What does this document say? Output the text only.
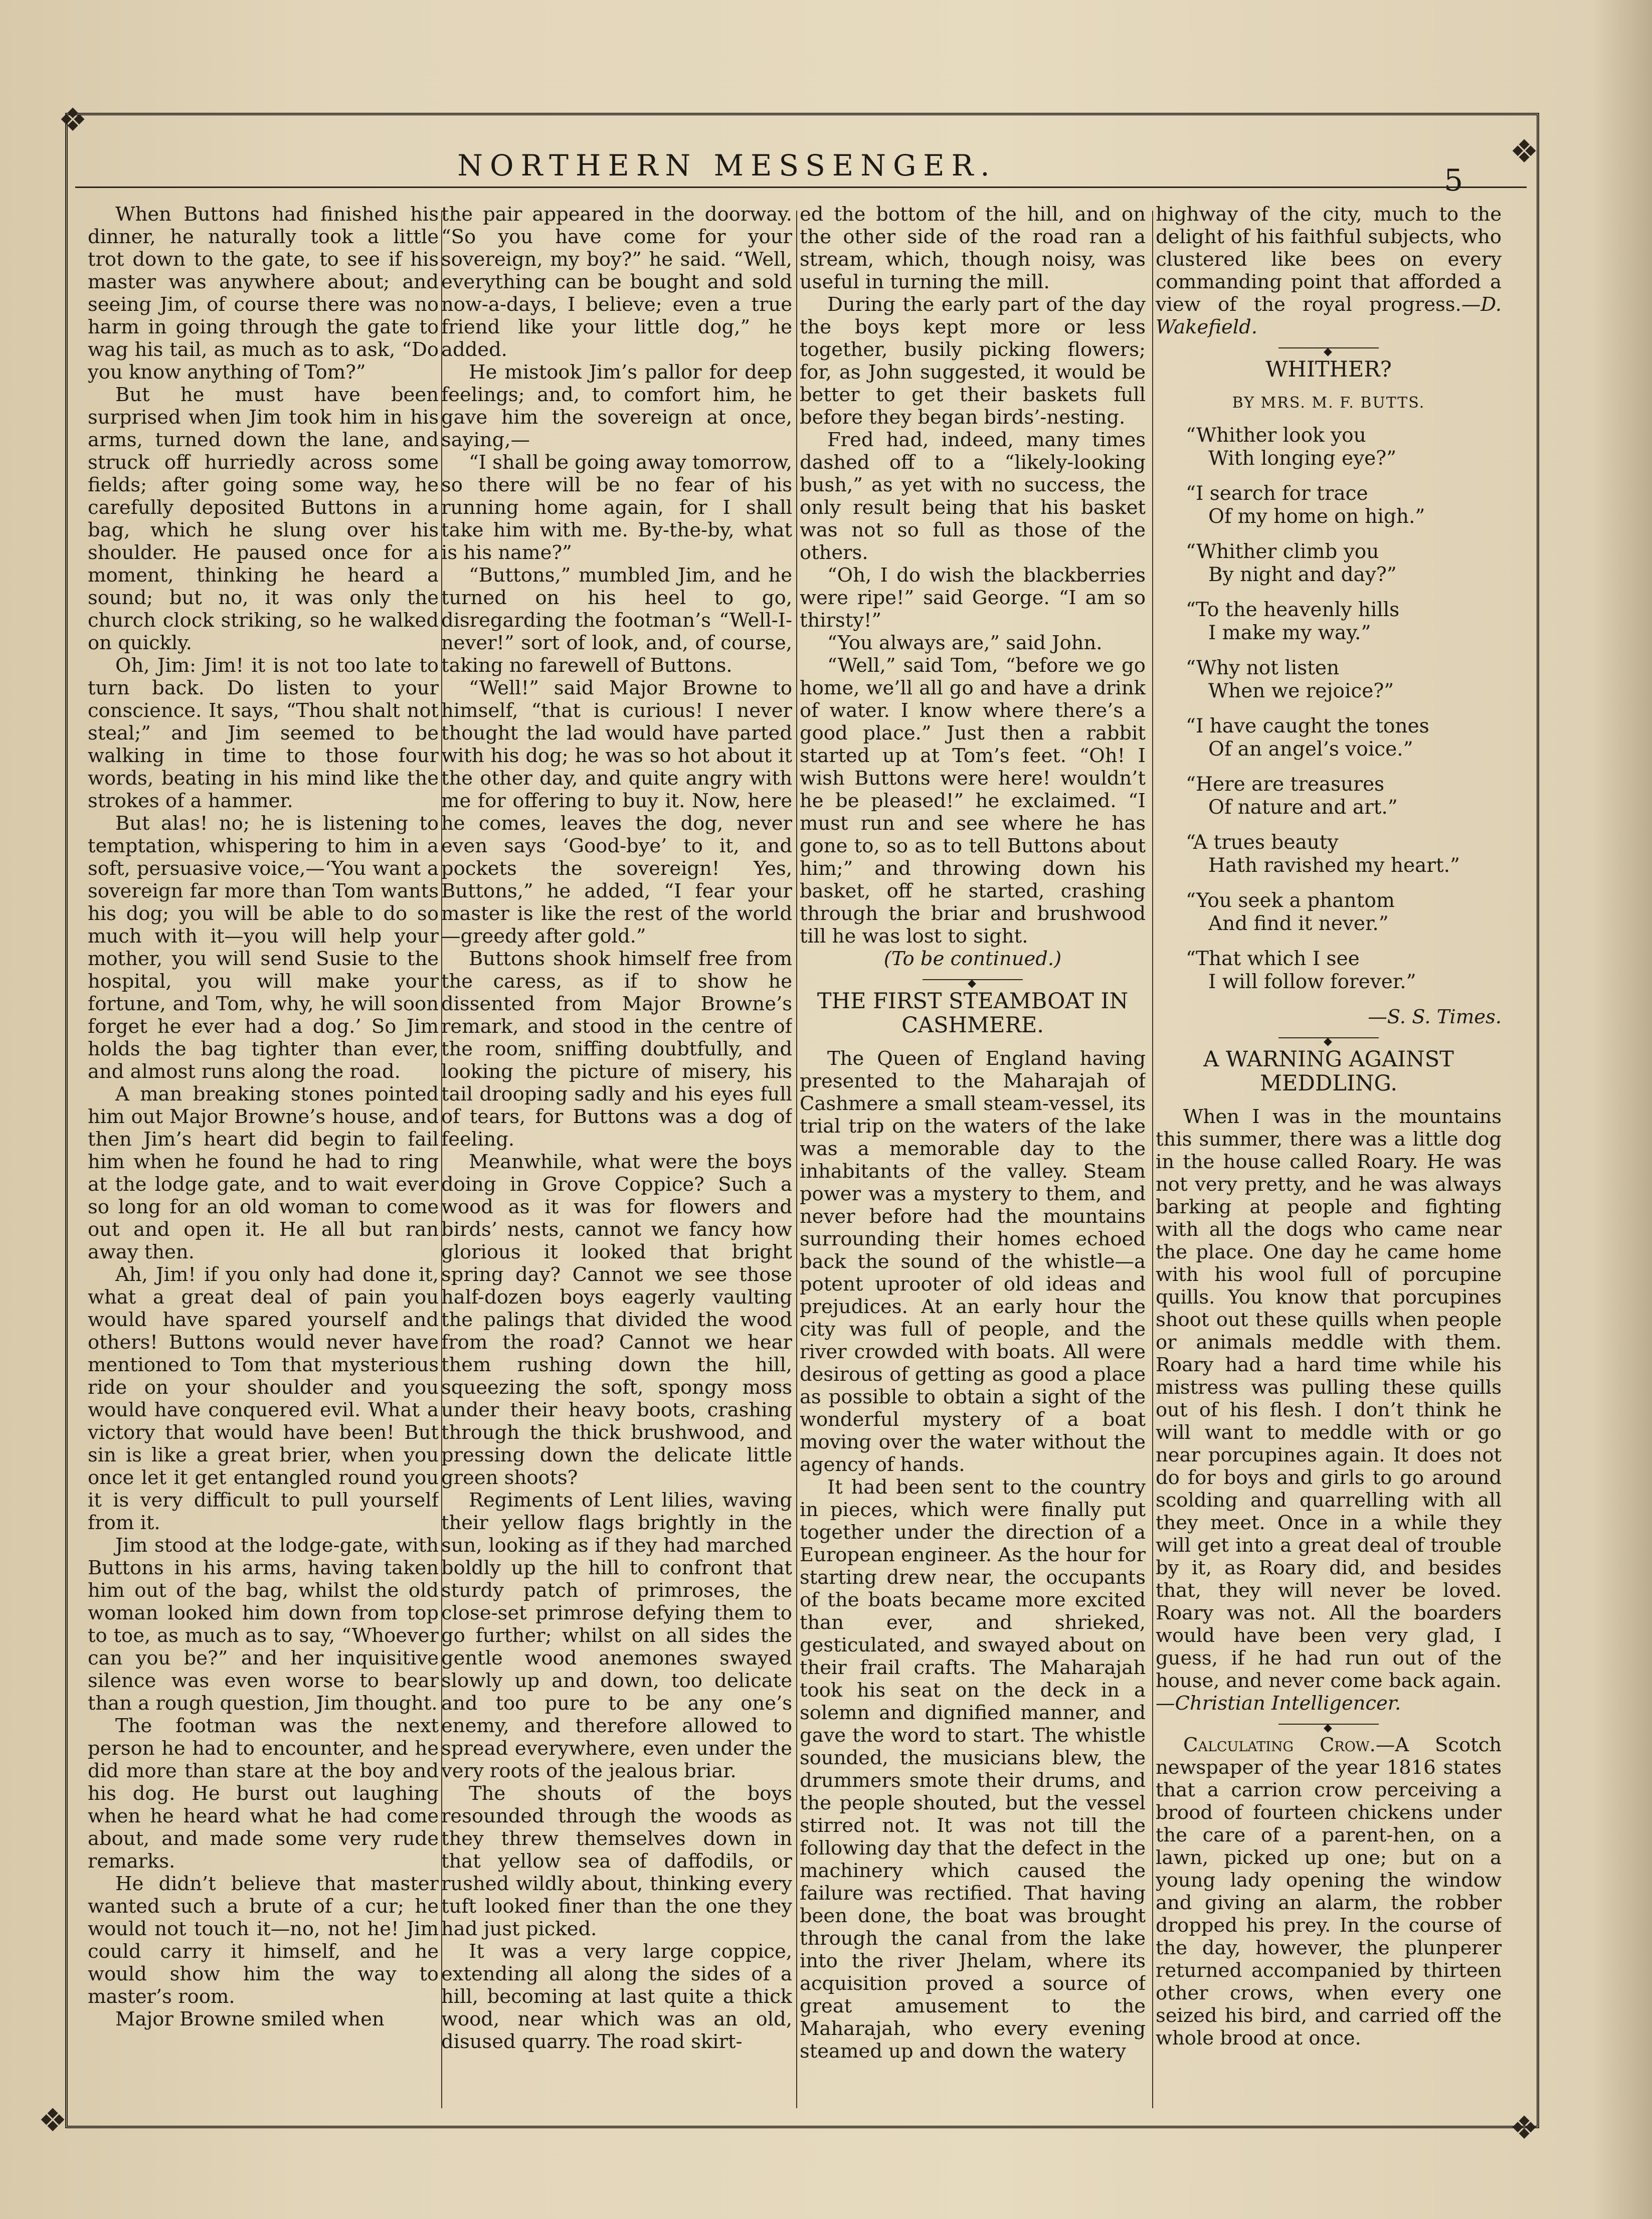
❖
❖
❖	❖
NORTHERN MESSENGER.	5

When Buttons had finished his dinner, he naturally took a little trot down to the gate, to see if his master was anywhere about; and seeing Jim, of course there was no harm in going through the gate to wag his tail, as much as to ask, “Do you know anything of Tom?”

But he must have been surprised when Jim took him in his arms, turned down the lane, and struck off hurriedly across some fields; after going some way, he carefully deposited Buttons in a bag, which he slung over his shoulder. He paused once for a moment, thinking he heard a sound; but no, it was only the church clock striking, so he walked on quickly.

Oh, Jim: Jim! it is not too late to turn back. Do listen to your conscience. It says, “Thou shalt not steal;” and Jim seemed to be walking in time to those four words, beating in his mind like the strokes of a hammer.

But alas! no; he is listening to temptation, whispering to him in a soft, persuasive voice,—‘You want a sovereign far more than Tom wants his dog; you will be able to do so much with it—you will help your mother, you will send Susie to the hospital, you will make your fortune, and Tom, why, he will soon forget he ever had a dog.’ So Jim holds the bag tighter than ever, and almost runs along the road.

A man breaking stones pointed him out Major Browne’s house, and then Jim’s heart did begin to fail him when he found he had to ring at the lodge gate, and to wait ever so long for an old woman to come out and open it. He all but ran away then.

Ah, Jim! if you only had done it, what a great deal of pain you would have spared yourself and others! Buttons would never have mentioned to Tom that mysterious ride on your shoulder and you would have conquered evil. What a victory that would have been! But sin is like a great brier, when you once let it get entangled round you it is very difficult to pull yourself from it.

Jim stood at the lodge-gate, with Buttons in his arms, having taken him out of the bag, whilst the old woman looked him down from top to toe, as much as to say, “Whoever can you be?” and her inquisitive silence was even worse to bear than a rough question, Jim thought.

The footman was the next person he had to encounter, and he did more than stare at the boy and his dog. He burst out laughing when he heard what he had come about, and made some very rude remarks.

He didn’t believe that master wanted such a brute of a cur; he would not touch it—no, not he! Jim could carry it himself, and he would show him the way to master’s room.

Major Browne smiled when

the pair appeared in the doorway. “So you have come for your sovereign, my boy?” he said. “Well, everything can be bought and sold now-a-days, I believe; even a true friend like your little dog,” he added.

He mistook Jim’s pallor for deep feelings; and, to comfort him, he gave him the sovereign at once, saying,—

“I shall be going away tomorrow, so there will be no fear of his running home again, for I shall take him with me. By-the-by, what is his name?”

“Buttons,” mumbled Jim, and he turned on his heel to go, disregarding the footman’s “Well-I-never!” sort of look, and, of course, taking no farewell of Buttons.

“Well!” said Major Browne to himself, “that is curious! I never thought the lad would have parted with his dog; he was so hot about it the other day, and quite angry with me for offering to buy it. Now, here he comes, leaves the dog, never even says ‘Good-bye’ to it, and pockets the sovereign! Yes, Buttons,” he added, “I fear your master is like the rest of the world—greedy after gold.”

Buttons shook himself free from the caress, as if to show he dissented from Major Browne’s remark, and stood in the centre of the room, sniffing doubtfully, and looking the picture of misery, his tail drooping sadly and his eyes full of tears, for Buttons was a dog of feeling.

Meanwhile, what were the boys doing in Grove Coppice? Such a wood as it was for flowers and birds’ nests, cannot we fancy how glorious it looked that bright spring day? Cannot we see those half-dozen boys eagerly vaulting the palings that divided the wood from the road? Cannot we hear them rushing down the hill, squeezing the soft, spongy moss under their heavy boots, crashing through the thick brushwood, and pressing down the delicate little green shoots?

Regiments of Lent lilies, waving their yellow flags brightly in the sun, looking as if they had marched boldly up the hill to confront that sturdy patch of primroses, the close-set primrose defying them to go further; whilst on all sides the gentle wood anemones swayed slowly up and down, too delicate and too pure to be any one’s enemy, and therefore allowed to spread everywhere, even under the very roots of the jealous briar.

The shouts of the boys resounded through the woods as they threw themselves down in that yellow sea of daffodils, or rushed wildly about, thinking every tuft looked finer than the one they had just picked.

It was a very large coppice, extending all along the sides of a hill, becoming at last quite a thick wood, near which was an old, disused quarry. The road skirt-

ed the bottom of the hill, and on the other side of the road ran a stream, which, though noisy, was useful in turning the mill.

During the early part of the day the boys kept more or less together, busily picking flowers; for, as John suggested, it would be better to get their baskets full before they began birds’-nesting.

Fred had, indeed, many times dashed off to a “likely-looking bush,” as yet with no success, the only result being that his basket was not so full as those of the others.

“Oh, I do wish the blackberries were ripe!” said George. “I am so thirsty!”

“You always are,” said John.

“Well,” said Tom, “before we go home, we’ll all go and have a drink of water. I know where there’s a good place.” Just then a rabbit started up at Tom’s feet. “Oh! I wish Buttons were here! wouldn’t he be pleased!” he exclaimed. “I must run and see where he has gone to, so as to tell Buttons about him;” and throwing down his basket, off he started, crashing through the briar and brushwood till he was lost to sight.

(To be continued.)

◆
THE FIRST STEAMBOAT IN CASHMERE.

The Queen of England having presented to the Maharajah of Cashmere a small steam-vessel, its trial trip on the waters of the lake was a memorable day to the inhabitants of the valley. Steam power was a mystery to them, and never before had the mountains surrounding their homes echoed back the sound of the whistle—a potent uprooter of old ideas and prejudices. At an early hour the city was full of people, and the river crowded with boats. All were desirous of getting as good a place as possible to obtain a sight of the wonderful mystery of a boat moving over the water without the agency of hands.

It had been sent to the country in pieces, which were finally put together under the direction of a European engineer. As the hour for starting drew near, the occupants of the boats became more excited than ever, and shrieked, gesticulated, and swayed about on their frail crafts. The Maharajah took his seat on the deck in a solemn and dignified manner, and gave the word to start. The whistle sounded, the musicians blew, the drummers smote their drums, and the people shouted, but the vessel stirred not. It was not till the following day that the defect in the machinery which caused the failure was rectified. That having been done, the boat was brought through the canal from the lake into the river Jhelam, where its acquisition proved a source of great amusement to the Maharajah, who every evening steamed up and down the watery

highway of the city, much to the delight of his faithful subjects, who clustered like bees on every commanding point that afforded a view of the royal progress.—D. Wakefield.

◆
WHITHER?
BY MRS. M. F. BUTTS.

“Whither look you
With longing eye?”

“I search for trace
Of my home on high.”

“Whither climb you
By night and day?”

“To the heavenly hills
I make my way.”

“Why not listen
When we rejoice?”

“I have caught the tones
Of an angel’s voice.”

“Here are treasures
Of nature and art.”

“A trues beauty
Hath ravished my heart.”

“You seek a phantom
And find it never.”

“That which I see
I will follow forever.”

—S. S. Times.

◆
A WARNING AGAINST MEDDLING.

When I was in the mountains this summer, there was a little dog in the house called Roary. He was not very pretty, and he was always barking at people and fighting with all the dogs who came near the place. One day he came home with his wool full of porcupine quills. You know that porcupines shoot out these quills when people or animals meddle with them. Roary had a hard time while his mistress was pulling these quills out of his flesh. I don’t think he will want to meddle with or go near porcupines again. It does not do for boys and girls to go around scolding and quarrelling with all they meet. Once in a while they will get into a great deal of trouble by it, as Roary did, and besides that, they will never be loved. Roary was not. All the boarders would have been very glad, I guess, if he had run out of the house, and never come back again.—Christian Intelligencer.

◆

Calculating Crow.—A Scotch newspaper of the year 1816 states that a carrion crow perceiving a brood of fourteen chickens under the care of a parent-hen, on a lawn, picked up one; but on a young lady opening the window and giving an alarm, the robber dropped his prey. In the course of the day, however, the plunperer returned accompanied by thirteen other crows, when every one seized his bird, and carried off the whole brood at once.
